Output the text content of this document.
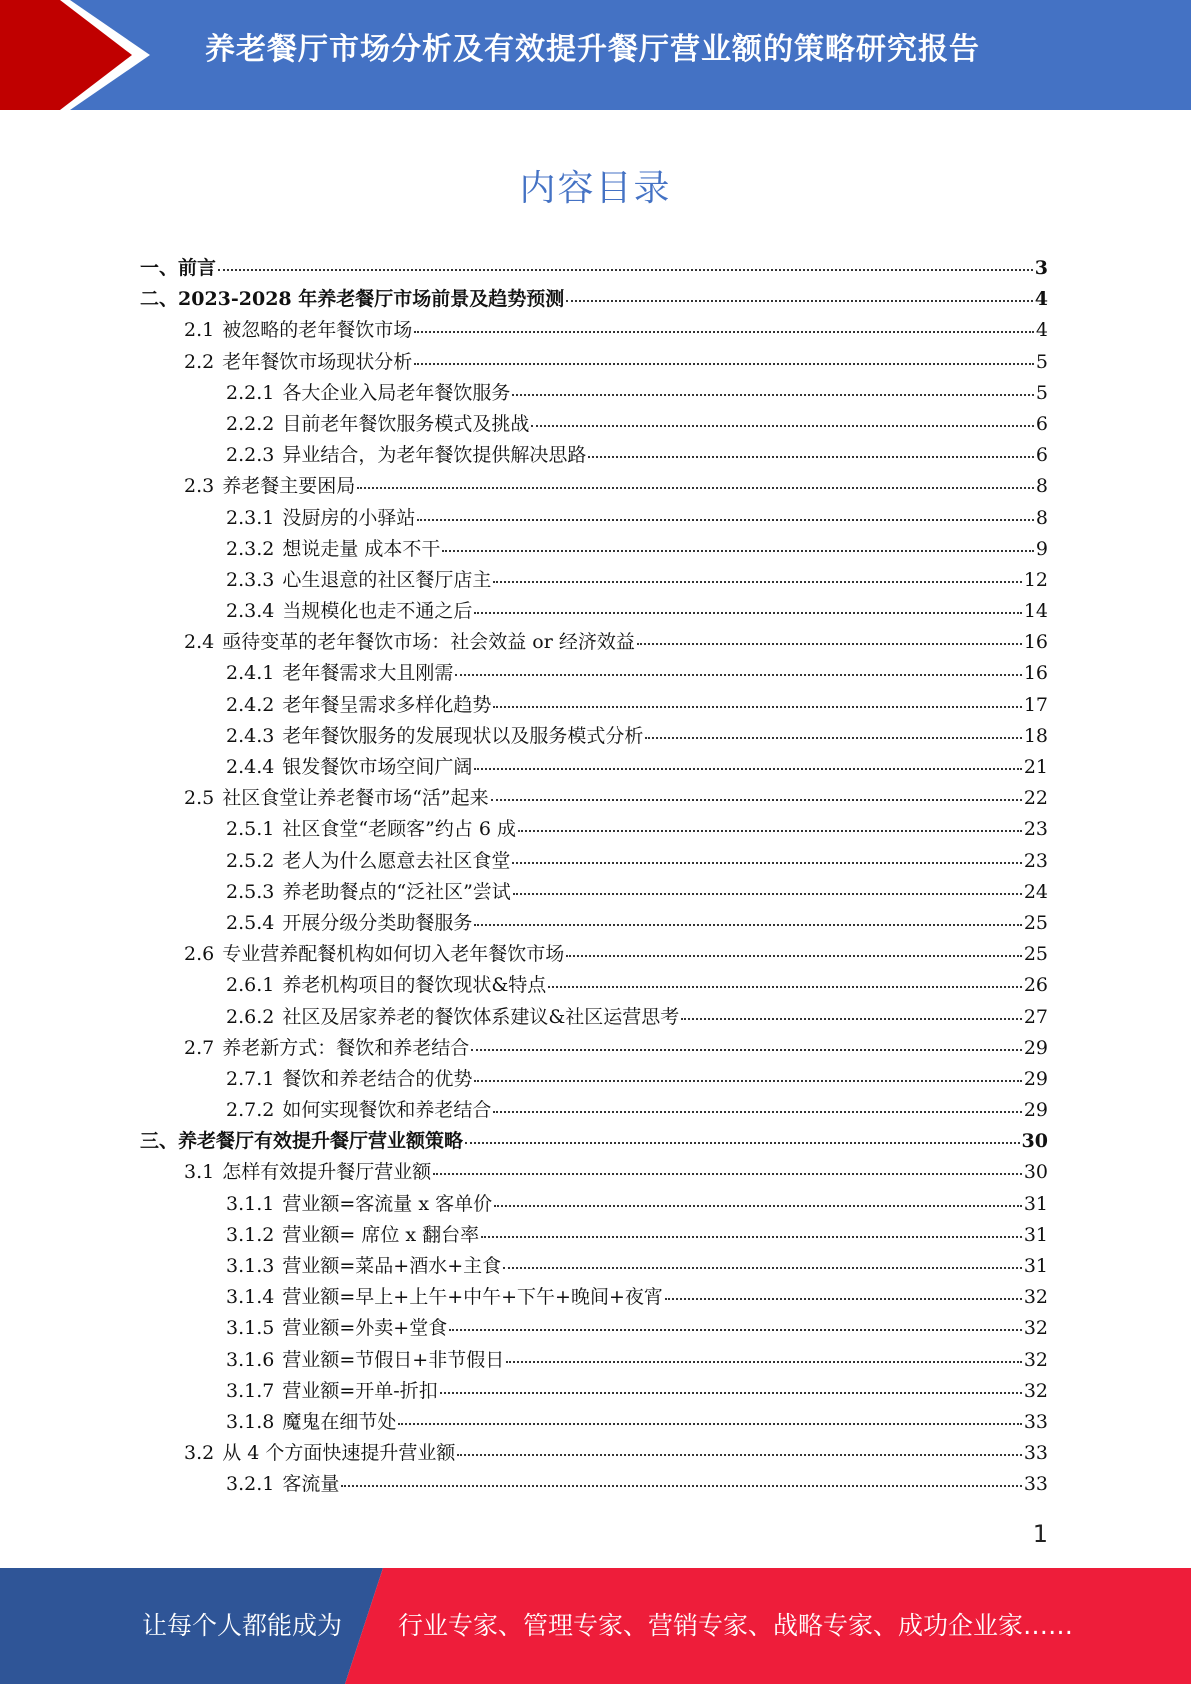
养老餐厅市场分析及有效提升餐厅营业额的策略研究报告
内容目录
一、前言	3
二、2023-2028 年养老餐厅市场前景及趋势预测	4
2.1 被忽略的老年餐饮市场	4
2.2 老年餐饮市场现状分析	5
2.2.1 各大企业入局老年餐饮服务	5
2.2.2 目前老年餐饮服务模式及挑战	6
2.2.3 异业结合，为老年餐饮提供解决思路	6
2.3 养老餐主要困局	8
2.3.1 没厨房的小驿站	8
2.3.2 想说走量 成本不干	9
2.3.3 心生退意的社区餐厅店主	12
2.3.4 当规模化也走不通之后	14
2.4 亟待变革的老年餐饮市场：社会效益 or 经济效益	16
2.4.1 老年餐需求大且刚需	16
2.4.2 老年餐呈需求多样化趋势	17
2.4.3 老年餐饮服务的发展现状以及服务模式分析	18
2.4.4 银发餐饮市场空间广阔	21
2.5 社区食堂让养老餐市场“活”起来	22
2.5.1 社区食堂“老顾客”约占 6 成	23
2.5.2 老人为什么愿意去社区食堂	23
2.5.3 养老助餐点的“泛社区”尝试	24
2.5.4 开展分级分类助餐服务	25
2.6 专业营养配餐机构如何切入老年餐饮市场	25
2.6.1 养老机构项目的餐饮现状&特点	26
2.6.2 社区及居家养老的餐饮体系建议&社区运营思考	27
2.7 养老新方式：餐饮和养老结合	29
2.7.1 餐饮和养老结合的优势	29
2.7.2 如何实现餐饮和养老结合	29
三、养老餐厅有效提升餐厅营业额策略	30
3.1 怎样有效提升餐厅营业额	30
3.1.1 营业额=客流量 x 客单价	31
3.1.2 营业额= 席位 x 翻台率	31
3.1.3 营业额=菜品+酒水+主食	31
3.1.4 营业额=早上+上午+中午+下午+晚间+夜宵	32
3.1.5 营业额=外卖+堂食	32
3.1.6 营业额=节假日+非节假日	32
3.1.7 营业额=开单-折扣	32
3.1.8 魔鬼在细节处	33
3.2 从 4 个方面快速提升营业额	33
3.2.1 客流量	33
1
让每个人都能成为 行业专家、管理专家、营销专家、战略专家、成功企业家……
